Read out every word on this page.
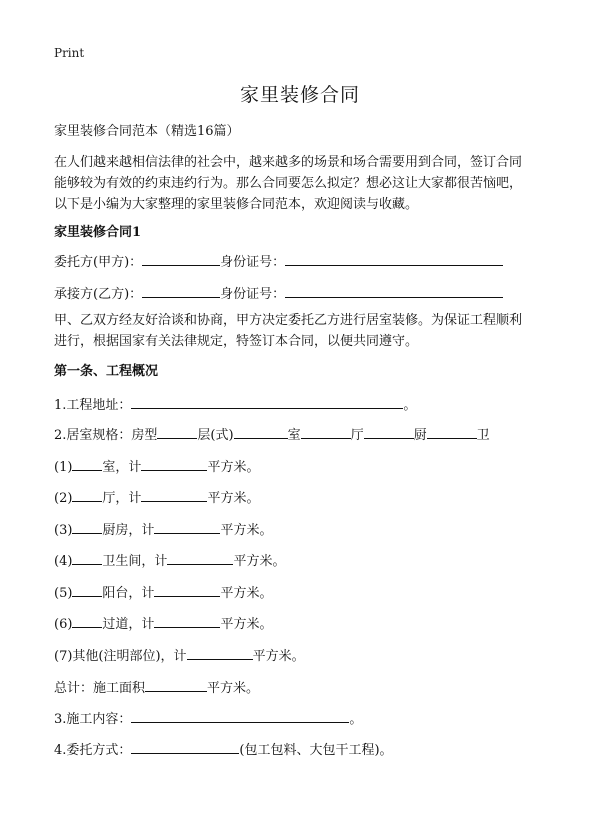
Print
家里装修合同
家里装修合同范本（精选16篇）

在人们越来越相信法律的社会中，越来越多的场景和场合需要用到合同，签订合同

能够较为有效的约束违约行为。那么合同要怎么拟定？想必这让大家都很苦恼吧，

以下是小编为大家整理的家里装修合同范本，欢迎阅读与收藏。

家里装修合同1
委托方(甲方)：	身份证号：
承接方(乙方)：	身份证号：

甲、乙双方经友好洽谈和协商，甲方决定委托乙方进行居室装修。为保证工程顺利

进行，根据国家有关法律规定，特签订本合同，以便共同遵守。

第一条、工程概况
1.工程地址：	。
2.居室规格：房型	层(式)	室	厅	厨	卫
(1) 室，计	平方米。
(2) 厅，计	平方米。
(3) 厨房，计	平方米。
(4) 卫生间，计	平方米。
(5) 阳台，计	平方米。
(6) 过道，计	平方米。
(7)其他(注明部位)，计	平方米。
总计：施工面积	平方米。
3.施工内容：	。
4.委托方式：	(包工包料、大包干工程)。
